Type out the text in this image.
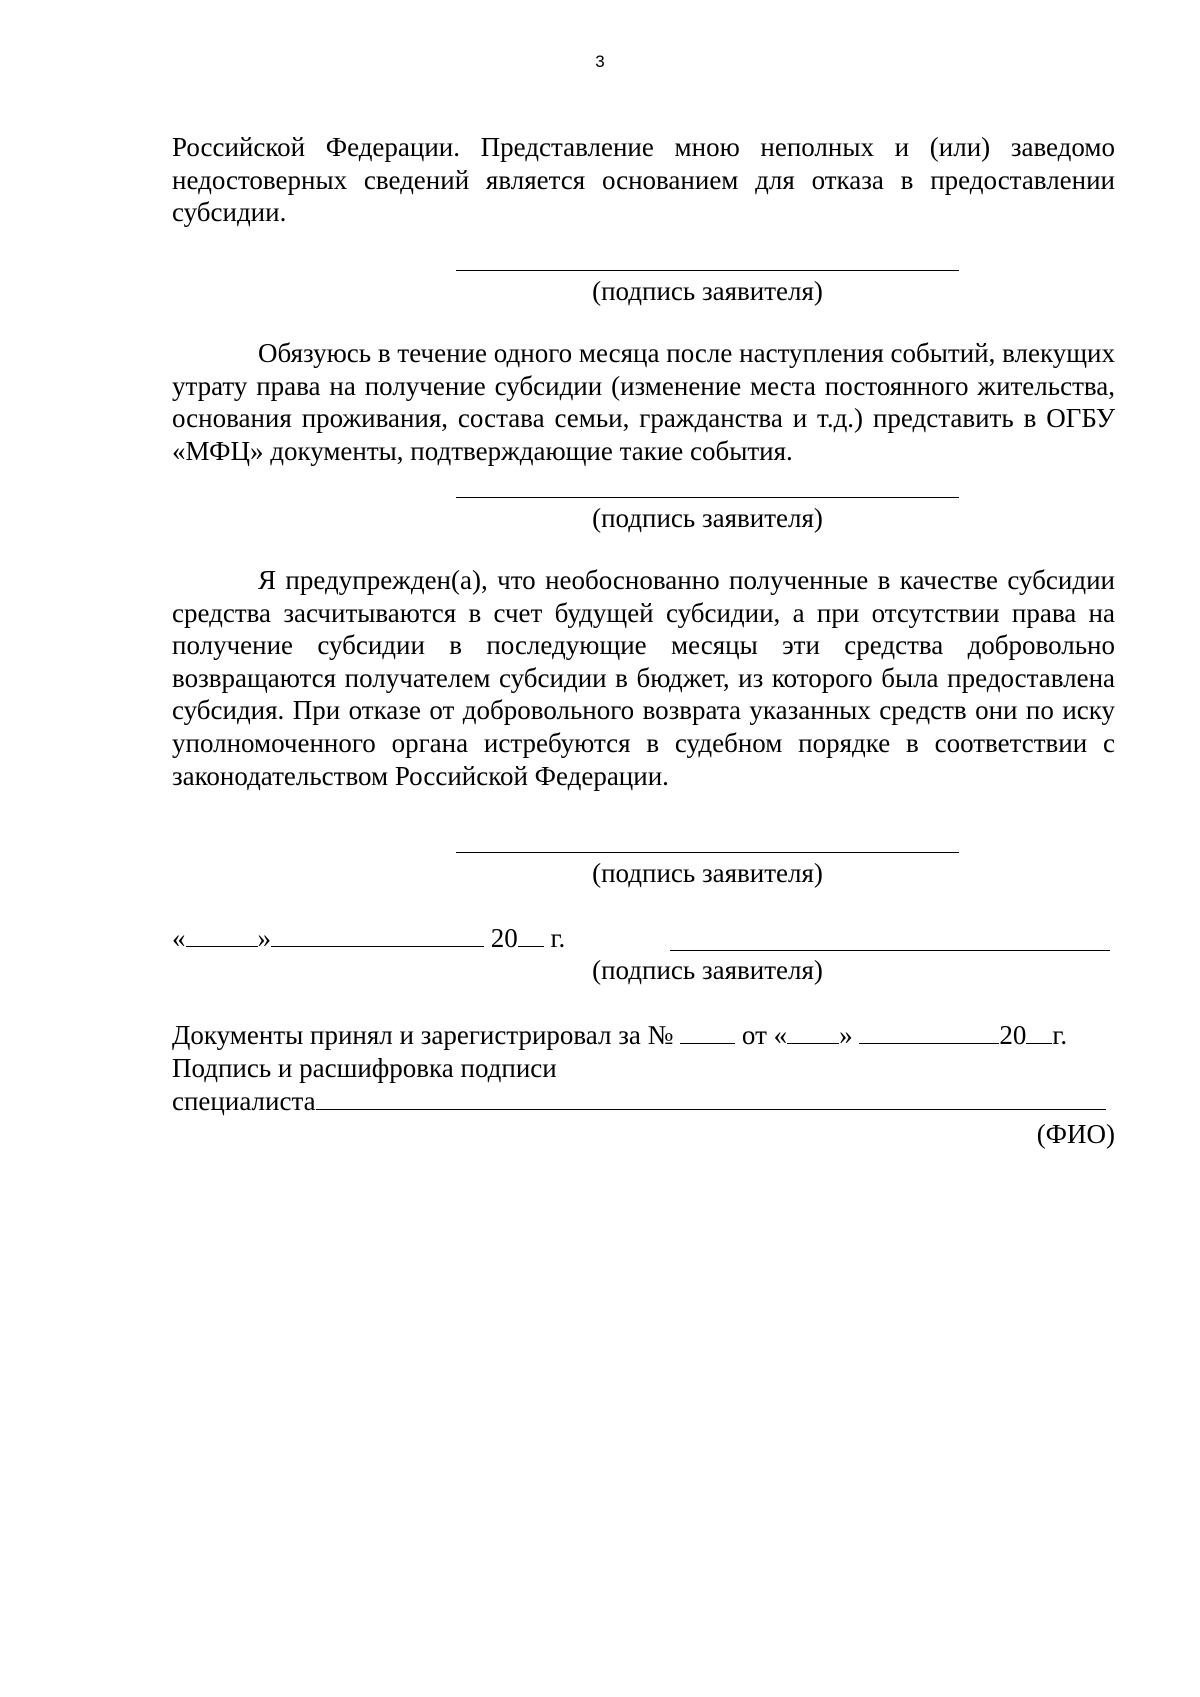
3
Российской Федерации. Представление мною неполных и (или) заведомо недостоверных сведений является основанием для отказа в предоставлении субсидии.
(подпись заявителя)
Обязуюсь в течение одного месяца после наступления событий, влекущих утрату права на получение субсидии (изменение места постоянного жительства, основания проживания, состава семьи, гражданства и т.д.) представить в ОГБУ «МФЦ» документы, подтверждающие такие события.
(подпись заявителя)
Я предупрежден(а), что необоснованно полученные в качестве субсидии средства засчитываются в счет будущей субсидии, а при отсутствии права на получение субсидии в последующие месяцы эти средства добровольно возвращаются получателем субсидии в бюджет, из которого была предоставлена субсидия. При отказе от добровольного возврата указанных средств они по иску уполномоченного органа истребуются в судебном порядке в соответствии с законодательством Российской Федерации.
(подпись заявителя)
«	»	20 г.
(подпись заявителя)
Документы принял и зарегистрировал за №	от « »	20 г.
Подпись и расшифровка подписи
специалиста
(ФИО)
